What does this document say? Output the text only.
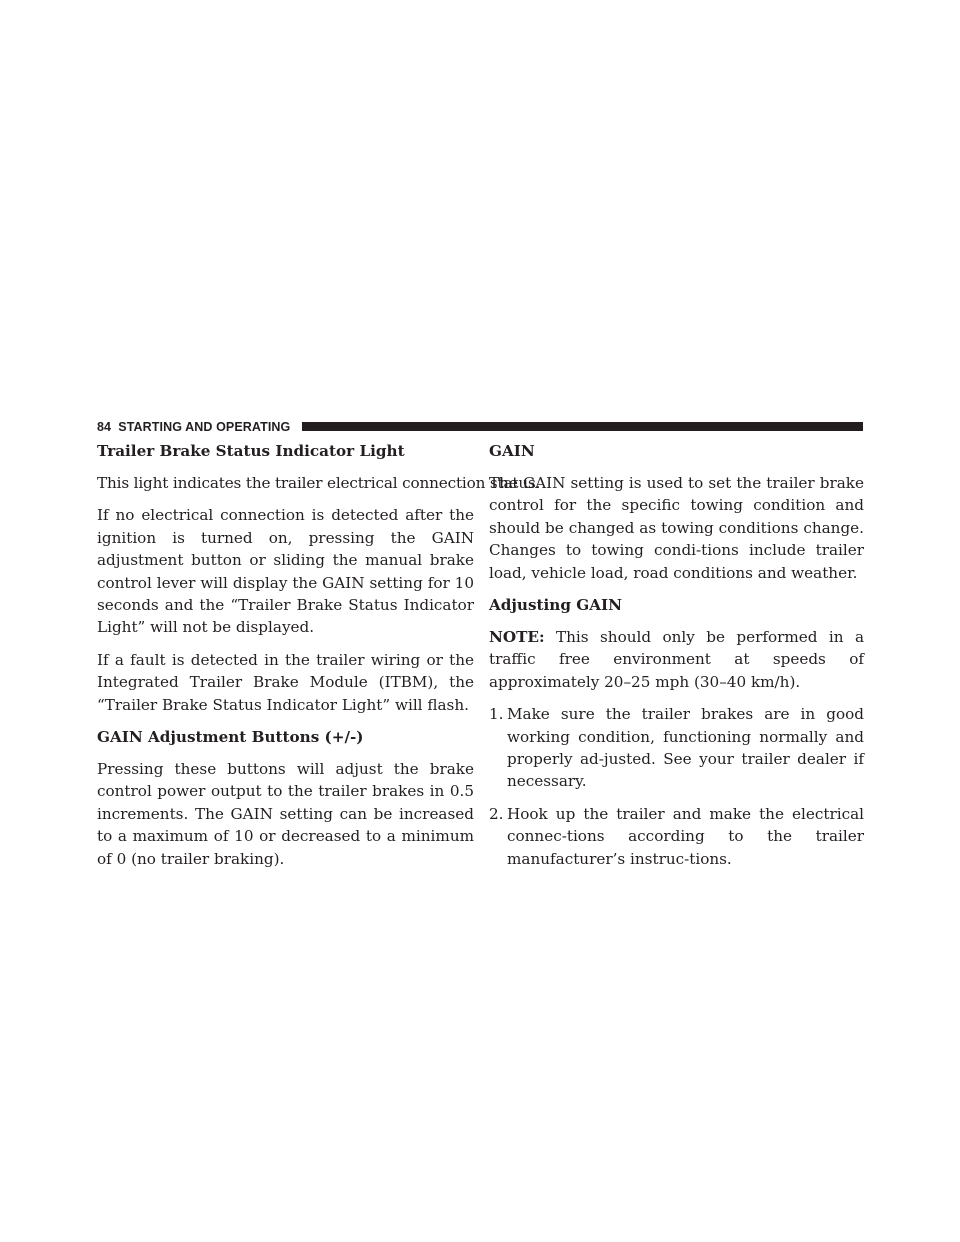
84 STARTING AND OPERATING
Trailer Brake Status Indicator Light

This light indicates the trailer electrical connection status.

If no electrical connection is detected after the ignition is turned on, pressing the GAIN adjustment button or sliding the manual brake control lever will display the GAIN setting for 10 seconds and the “Trailer Brake Status Indicator Light” will not be displayed.

If a fault is detected in the trailer wiring or the Integrated Trailer Brake Module (ITBM), the “Trailer Brake Status Indicator Light” will flash.

GAIN Adjustment Buttons (+/-)

Pressing these buttons will adjust the brake control power output to the trailer brakes in 0.5 increments. The GAIN setting can be increased to a maximum of 10 or decreased to a minimum of 0 (no trailer braking).

GAIN

The GAIN setting is used to set the trailer brake control for the specific towing condition and should be changed as towing conditions change. Changes to towing condi-tions include trailer load, vehicle load, road conditions and weather.

Adjusting GAIN

NOTE: This should only be performed in a traffic free environment at speeds of approximately 20–25 mph (30–40 km/h).

1. Make sure the trailer brakes are in good working condition, functioning normally and properly ad-justed. See your trailer dealer if necessary.
2. Hook up the trailer and make the electrical connec-tions according to the trailer manufacturer’s instruc-tions.
